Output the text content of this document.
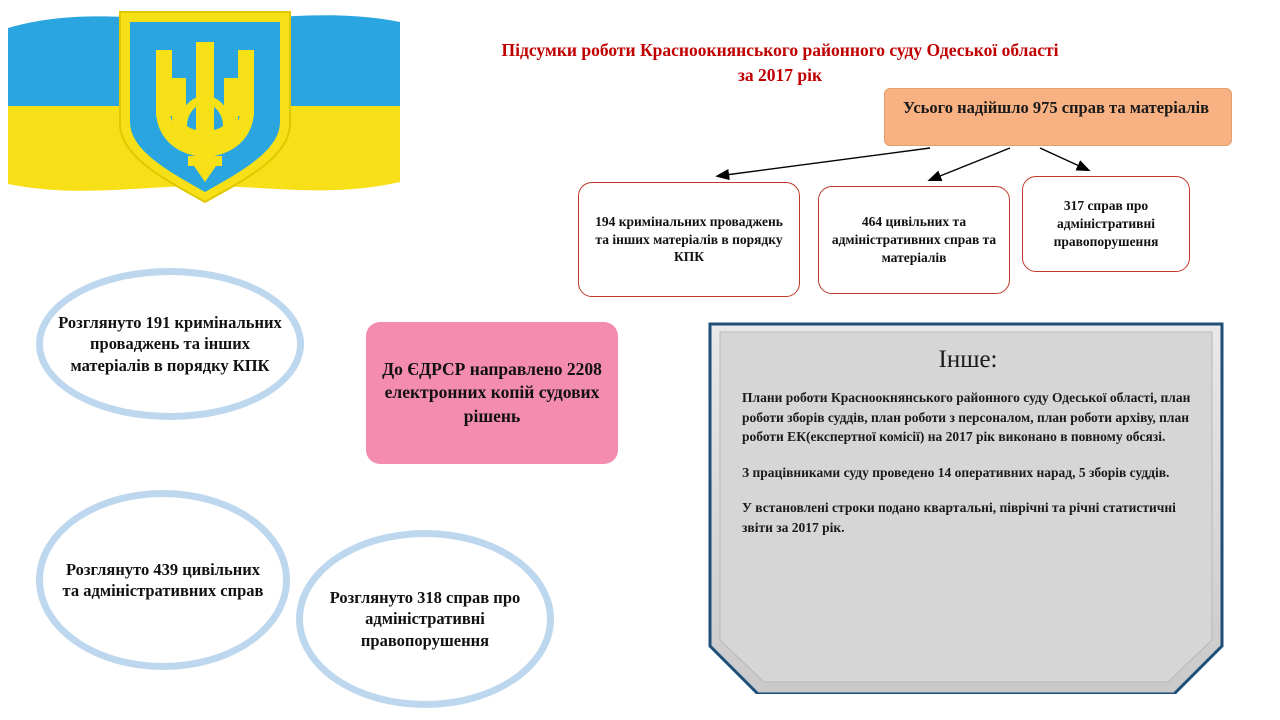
Підсумки роботи Красноокнянського районного суду Одеської області
за 2017 рік
Усього надійшло 975 справ та матеріалів
194 кримінальних проваджень та інших матеріалів в порядку КПК
464 цивільних та адміністративних справ та матеріалів
317 справ про адміністративні правопорушення
Розглянуто 191 кримінальних проваджень та інших матеріалів в порядку КПК
Розглянуто 439 цивільних та адміністративних справ	Розглянуто 318 справ про адміністративні правопорушення
До ЄДРСР направлено 2208 електронних копій судових рішень
Інше:

Плани роботи Красноокнянського районного суду Одеської області, план роботи зборів суддів, план роботи з персоналом, план роботи архіву, план роботи ЕК(експертної комісії) на 2017 рік виконано в повному обсязі.

З працівниками суду проведено 14 оперативних нарад, 5 зборів суддів.

У встановлені строки подано квартальні, піврічні та річні статистичні звіти за 2017 рік.
